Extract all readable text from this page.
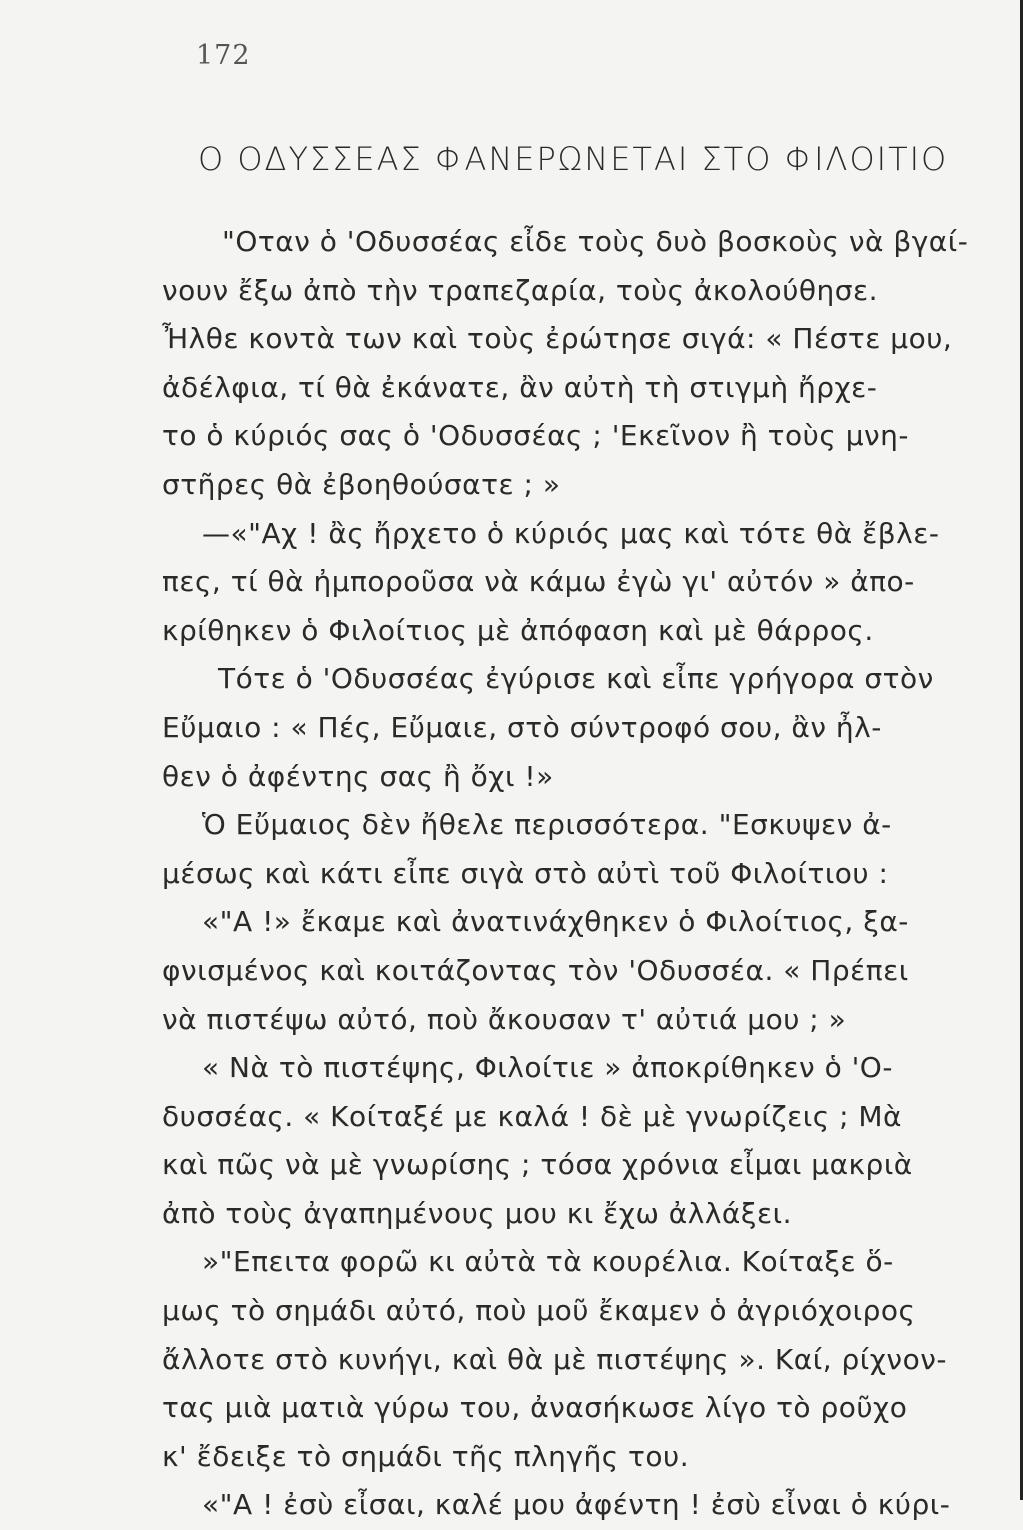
172
Ο ΟΔΥΣΣΕΑΣ ΦΑΝΕΡΩΝΕΤΑΙ ΣΤΟ ΦΙΛΟΙΤΙΟ
"Οταν ὁ 'Οδυσσέας εἶδε τοὺς δυὸ βοσκοὺς νὰ βγαί-
νουν ἔξω ἀπὸ τὴν τραπεζαρία, τοὺς ἀκολούθησε.
Ἦλθε κοντὰ των καὶ τοὺς ἐρώτησε σιγά: « Πέστε μου,
ἀδέλφια, τί θὰ ἐκάνατε, ἂν αὐτὴ τὴ στιγμὴ ἤρχε-
το ὁ κύριός σας ὁ 'Οδυσσέας ; 'Εκεῖνον ἢ τοὺς μνη-
στῆρες θὰ ἐβοηθούσατε ; »
—«"Αχ ! ἂς ἤρχετο ὁ κύριός μας καὶ τότε θὰ ἔβλε-
πες, τί θὰ ἠμποροῦσα νὰ κάμω ἐγὼ γι' αὐτόν » ἀπο-
κρίθηκεν ὁ Φιλοίτιος μὲ ἀπόφαση καὶ μὲ θάρρος.
Τότε ὁ 'Οδυσσέας ἐγύρισε καὶ εἶπε γρήγορα στὸν
Εὔμαιο : « Πές, Εὔμαιε, στὸ σύντροφό σου, ἂν ἦλ-
θεν ὁ ἀφέντης σας ἢ ὄχι !»
Ὁ Εὔμαιος δὲν ἤθελε περισσότερα. "Εσκυψεν ἀ-
μέσως καὶ κάτι εἶπε σιγὰ στὸ αὐτὶ τοῦ Φιλοίτιου :
«"Α !» ἔκαμε καὶ ἀνατινάχθηκεν ὁ Φιλοίτιος, ξα-
φνισμένος καὶ κοιτάζοντας τὸν 'Οδυσσέα. « Πρέπει
νὰ πιστέψω αὐτό, ποὺ ἄκουσαν τ' αὐτιά μου ; »
« Νὰ τὸ πιστέψης, Φιλοίτιε » ἀποκρίθηκεν ὁ 'Ο-
δυσσέας. « Κοίταξέ με καλά ! δὲ μὲ γνωρίζεις ; Μὰ
καὶ πῶς νὰ μὲ γνωρίσης ; τόσα χρόνια εἶμαι μακριὰ
ἀπὸ τοὺς ἀγαπημένους μου κι ἔχω ἀλλάξει.
»"Επειτα φορῶ κι αὐτὰ τὰ κουρέλια. Κοίταξε ὅ-
μως τὸ σημάδι αὐτό, ποὺ μοῦ ἔκαμεν ὁ ἀγριόχοιρος
ἄλλοτε στὸ κυνήγι, καὶ θὰ μὲ πιστέψης ». Καί, ρίχνον-
τας μιὰ ματιὰ γύρω του, ἀνασήκωσε λίγο τὸ ροῦχο
κ' ἔδειξε τὸ σημάδι τῆς πληγῆς του.
«"Α ! ἐσὺ εἶσαι, καλέ μου ἀφέντη ! ἐσὺ εἶναι ὁ κύρι-
